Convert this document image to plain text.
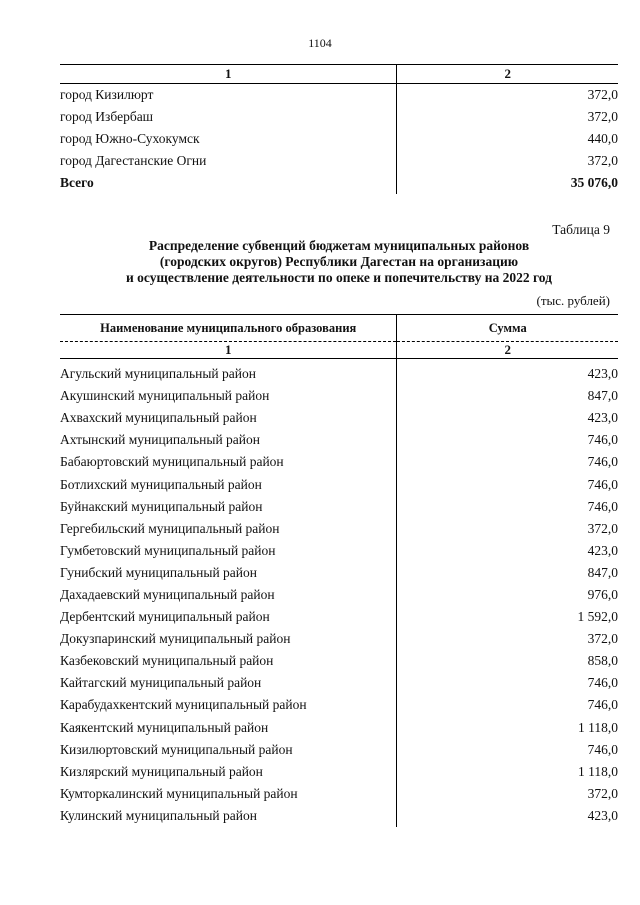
1104
1	2
город Кизилюрт	372,0
город Избербаш	372,0
город Южно-Сухокумск	440,0
город Дагестанские Огни	372,0
Всего	35 076,0
Таблица 9
Распределение субвенций бюджетам муниципальных районов
(городских округов) Республики Дагестан на организацию
и осуществление деятельности по опеке и попечительству на 2022 год
(тыс. рублей)
Наименование муниципального образования	Сумма
1	2
Агульский муниципальный район	423,0
Акушинский муниципальный район	847,0
Ахвахский муниципальный район	423,0
Ахтынский муниципальный район	746,0
Бабаюртовский муниципальный район	746,0
Ботлихский муниципальный район	746,0
Буйнакский муниципальный район	746,0
Гергебильский муниципальный район	372,0
Гумбетовский муниципальный район	423,0
Гунибский муниципальный район	847,0
Дахадаевский муниципальный район	976,0
Дербентский муниципальный район	1 592,0
Докузпаринский муниципальный район	372,0
Казбековский муниципальный район	858,0
Кайтагский муниципальный район	746,0
Карабудахкентский муниципальный район	746,0
Каякентский муниципальный район	1 118,0
Кизилюртовский муниципальный район	746,0
Кизлярский муниципальный район	1 118,0
Кумторкалинский муниципальный район	372,0
Кулинский муниципальный район	423,0
